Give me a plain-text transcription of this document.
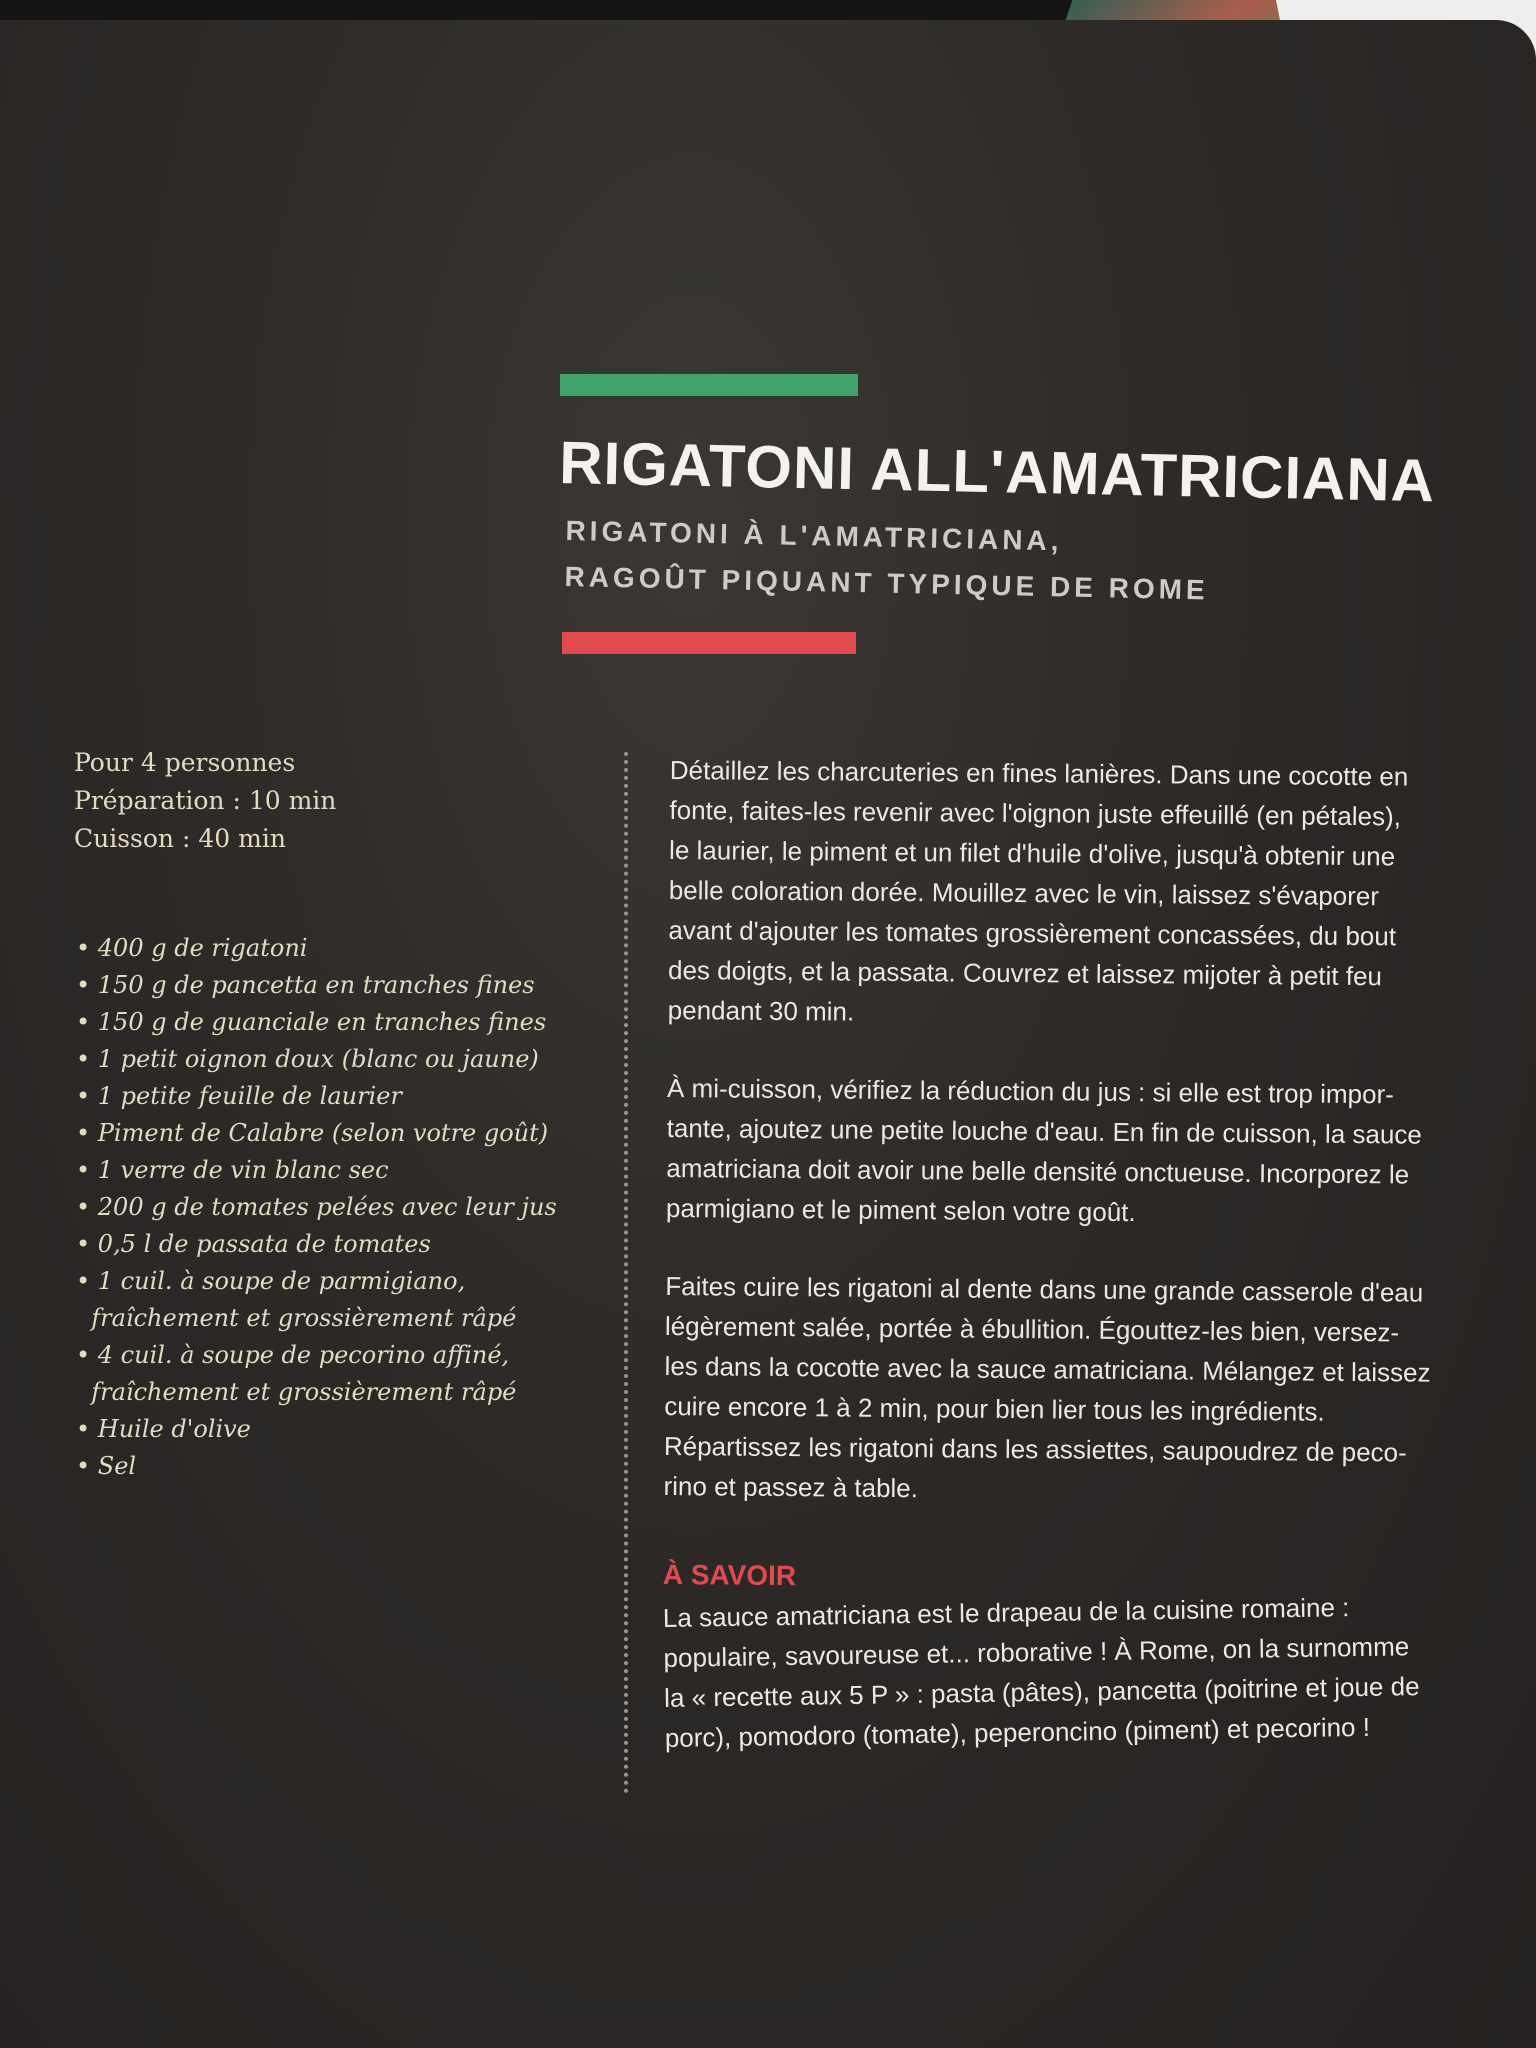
RIGATONI ALL'AMATRICIANA
RIGATONI À L'AMATRICIANA,
RAGOÛT PIQUANT TYPIQUE DE ROME
Pour 4 personnes
Préparation : 10 min
Cuisson : 40 min
• 400 g de rigatoni
• 150 g de pancetta en tranches fines
• 150 g de guanciale en tranches fines
• 1 petit oignon doux (blanc ou jaune)
• 1 petite feuille de laurier
• Piment de Calabre (selon votre goût)
• 1 verre de vin blanc sec
• 200 g de tomates pelées avec leur jus
• 0,5 l de passata de tomates
• 1 cuil. à soupe de parmigiano,
fraîchement et grossièrement râpé
• 4 cuil. à soupe de pecorino affiné,
fraîchement et grossièrement râpé
• Huile d'olive
• Sel
Détaillez les charcuteries en fines lanières. Dans une cocotte en
fonte, faites-les revenir avec l'oignon juste effeuillé (en pétales),
le laurier, le piment et un filet d'huile d'olive, jusqu'à obtenir une
belle coloration dorée. Mouillez avec le vin, laissez s'évaporer
avant d'ajouter les tomates grossièrement concassées, du bout
des doigts, et la passata. Couvrez et laissez mijoter à petit feu
pendant 30 min.
À mi-cuisson, vérifiez la réduction du jus : si elle est trop impor-
tante, ajoutez une petite louche d'eau. En fin de cuisson, la sauce
amatriciana doit avoir une belle densité onctueuse. Incorporez le
parmigiano et le piment selon votre goût.
Faites cuire les rigatoni al dente dans une grande casserole d'eau
légèrement salée, portée à ébullition. Égouttez-les bien, versez-
les dans la cocotte avec la sauce amatriciana. Mélangez et laissez
cuire encore 1 à 2 min, pour bien lier tous les ingrédients.
Répartissez les rigatoni dans les assiettes, saupoudrez de peco-
rino et passez à table.
À SAVOIR
La sauce amatriciana est le drapeau de la cuisine romaine :
populaire, savoureuse et... roborative ! À Rome, on la surnomme
la « recette aux 5 P » : pasta (pâtes), pancetta (poitrine et joue de
porc), pomodoro (tomate), peperoncino (piment) et pecorino !
